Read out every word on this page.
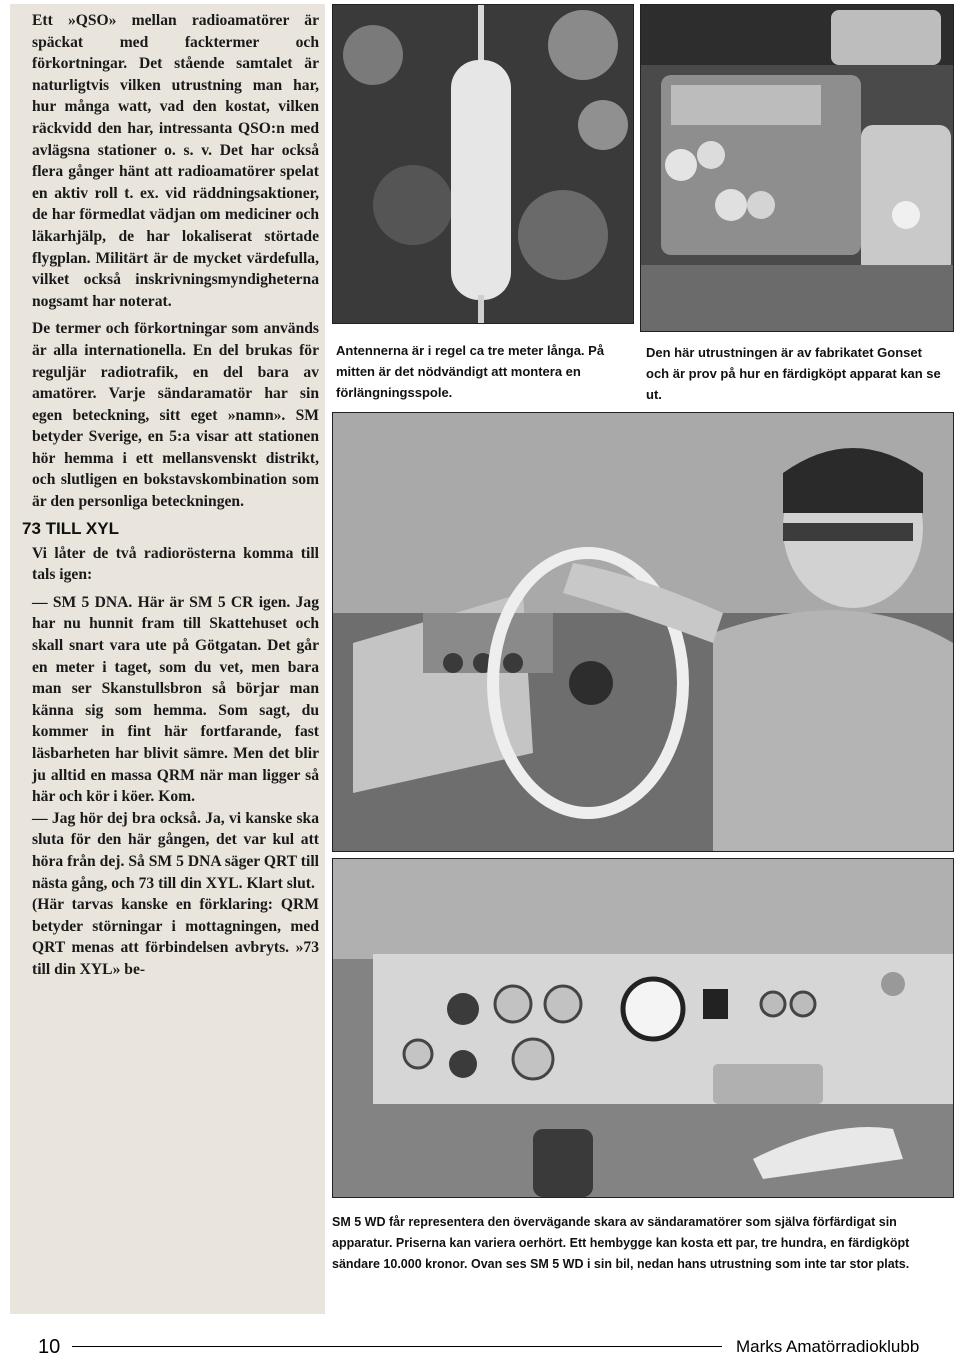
Ett »QSO» mellan radioamatörer är späckat med facktermer och förkortningar. Det stående samtalet är naturligtvis vilken utrustning man har, hur många watt, vad den kostat, vilken räckvidd den har, intressanta QSO:n med avlägsna stationer o. s. v. Det har också flera gånger hänt att radioamatörer spelat en aktiv roll t. ex. vid räddningsaktioner, de har förmedlat vädjan om mediciner och läkarhjälp, de har lokaliserat störtade flygplan. Militärt är de mycket värdefulla, vilket också inskrivningsmyndigheterna nogsamt har noterat.

De termer och förkortningar som används är alla internationella. En del brukas för reguljär radiotrafik, en del bara av amatörer. Varje sändaramatör har sin egen beteckning, sitt eget »namn». SM betyder Sverige, en 5:a visar att stationen hör hemma i ett mellansvenskt distrikt, och slutligen en bokstavskombination som är den personliga beteckningen.

73 TILL XYL

Vi låter de två radiorösterna komma till tals igen:

— SM 5 DNA. Här är SM 5 CR igen. Jag har nu hunnit fram till Skattehuset och skall snart vara ute på Götgatan. Det går en meter i taget, som du vet, men bara man ser Skanstullsbron så börjar man känna sig som hemma. Som sagt, du kommer in fint här fortfarande, fast läsbarheten har blivit sämre. Men det blir ju alltid en massa QRM när man ligger så här och kör i köer. Kom.

— Jag hör dej bra också. Ja, vi kanske ska sluta för den här gången, det var kul att höra från dej. Så SM 5 DNA säger QRT till nästa gång, och 73 till din XYL. Klart slut.

(Här tarvas kanske en förklaring: QRM betyder störningar i mottagningen, med QRT menas att förbindelsen avbryts. »73 till din XYL» be-

Antennerna är i regel ca tre meter långa. På mitten är det nödvändigt att montera en förlängningsspole.
Den här utrustningen är av fabrikatet Gonset och är prov på hur en färdigköpt apparat kan se ut.
SM 5 WD får representera den övervägande skara av sändaramatörer som själva förfärdigat sin apparatur. Priserna kan variera oerhört. Ett hembygge kan kosta ett par, tre hundra, en färdigköpt sändare 10.000 kronor. Ovan ses SM 5 WD i sin bil, nedan hans utrustning som inte tar stor plats.
10	Marks Amatörradioklubb
